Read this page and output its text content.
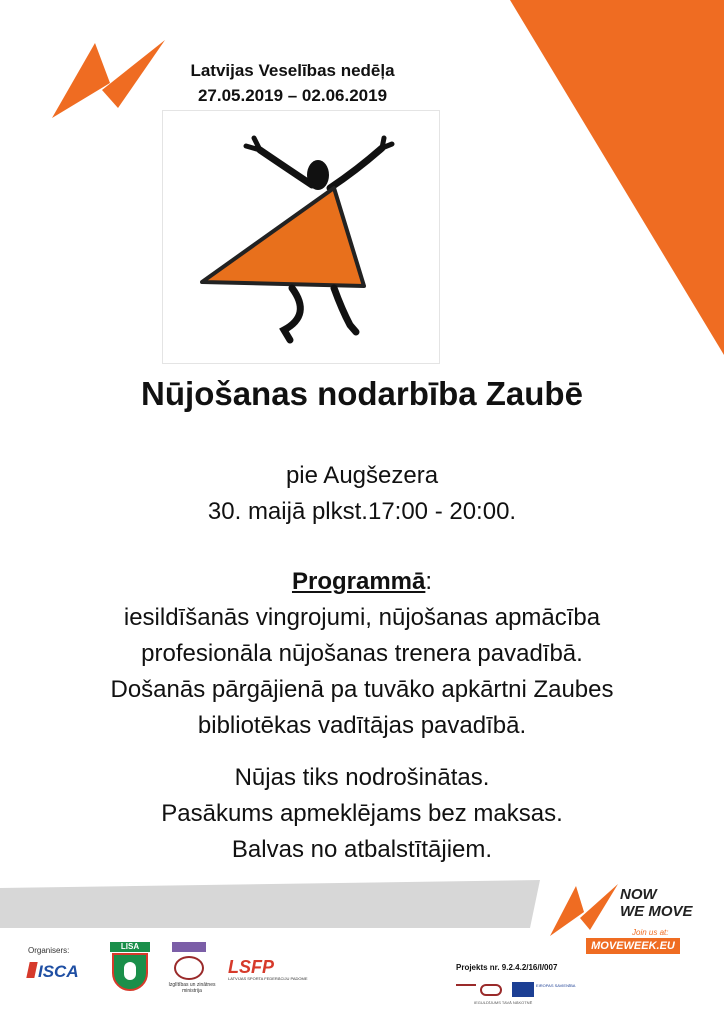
Latvijas Veselības nedēļa
27.05.2019 – 02.06.2019
Nūjošanas nodarbība Zaubē
pie Augšezera
30. maijā plkst.17:00 - 20:00.
Programmā:
iesildīšanās vingrojumi, nūjošanas apmācība
profesionāla nūjošanas trenera pavadībā.
Došanās pārgājienā pa tuvāko apkārtni Zaubes
bibliotēkas vadītājas pavadībā.
Nūjas tiks nodrošinātas.
Pasākums apmeklējams bez maksas.
Balvas no atbalstītājiem.
NOW
WE MOVE
Join us at:
MOVEWEEK.EU
Organisers:
ISCA
LISA
Izglītības un zinātnes ministrija
LSFP
LATVIJAS SPORTA FEDERĀCIJU PADOME
Projekts nr. 9.2.4.2/16/I/007
EIROPAS SAVIENĪBA
IEGULDĪJUMS TAVĀ NĀKOTNĒ
